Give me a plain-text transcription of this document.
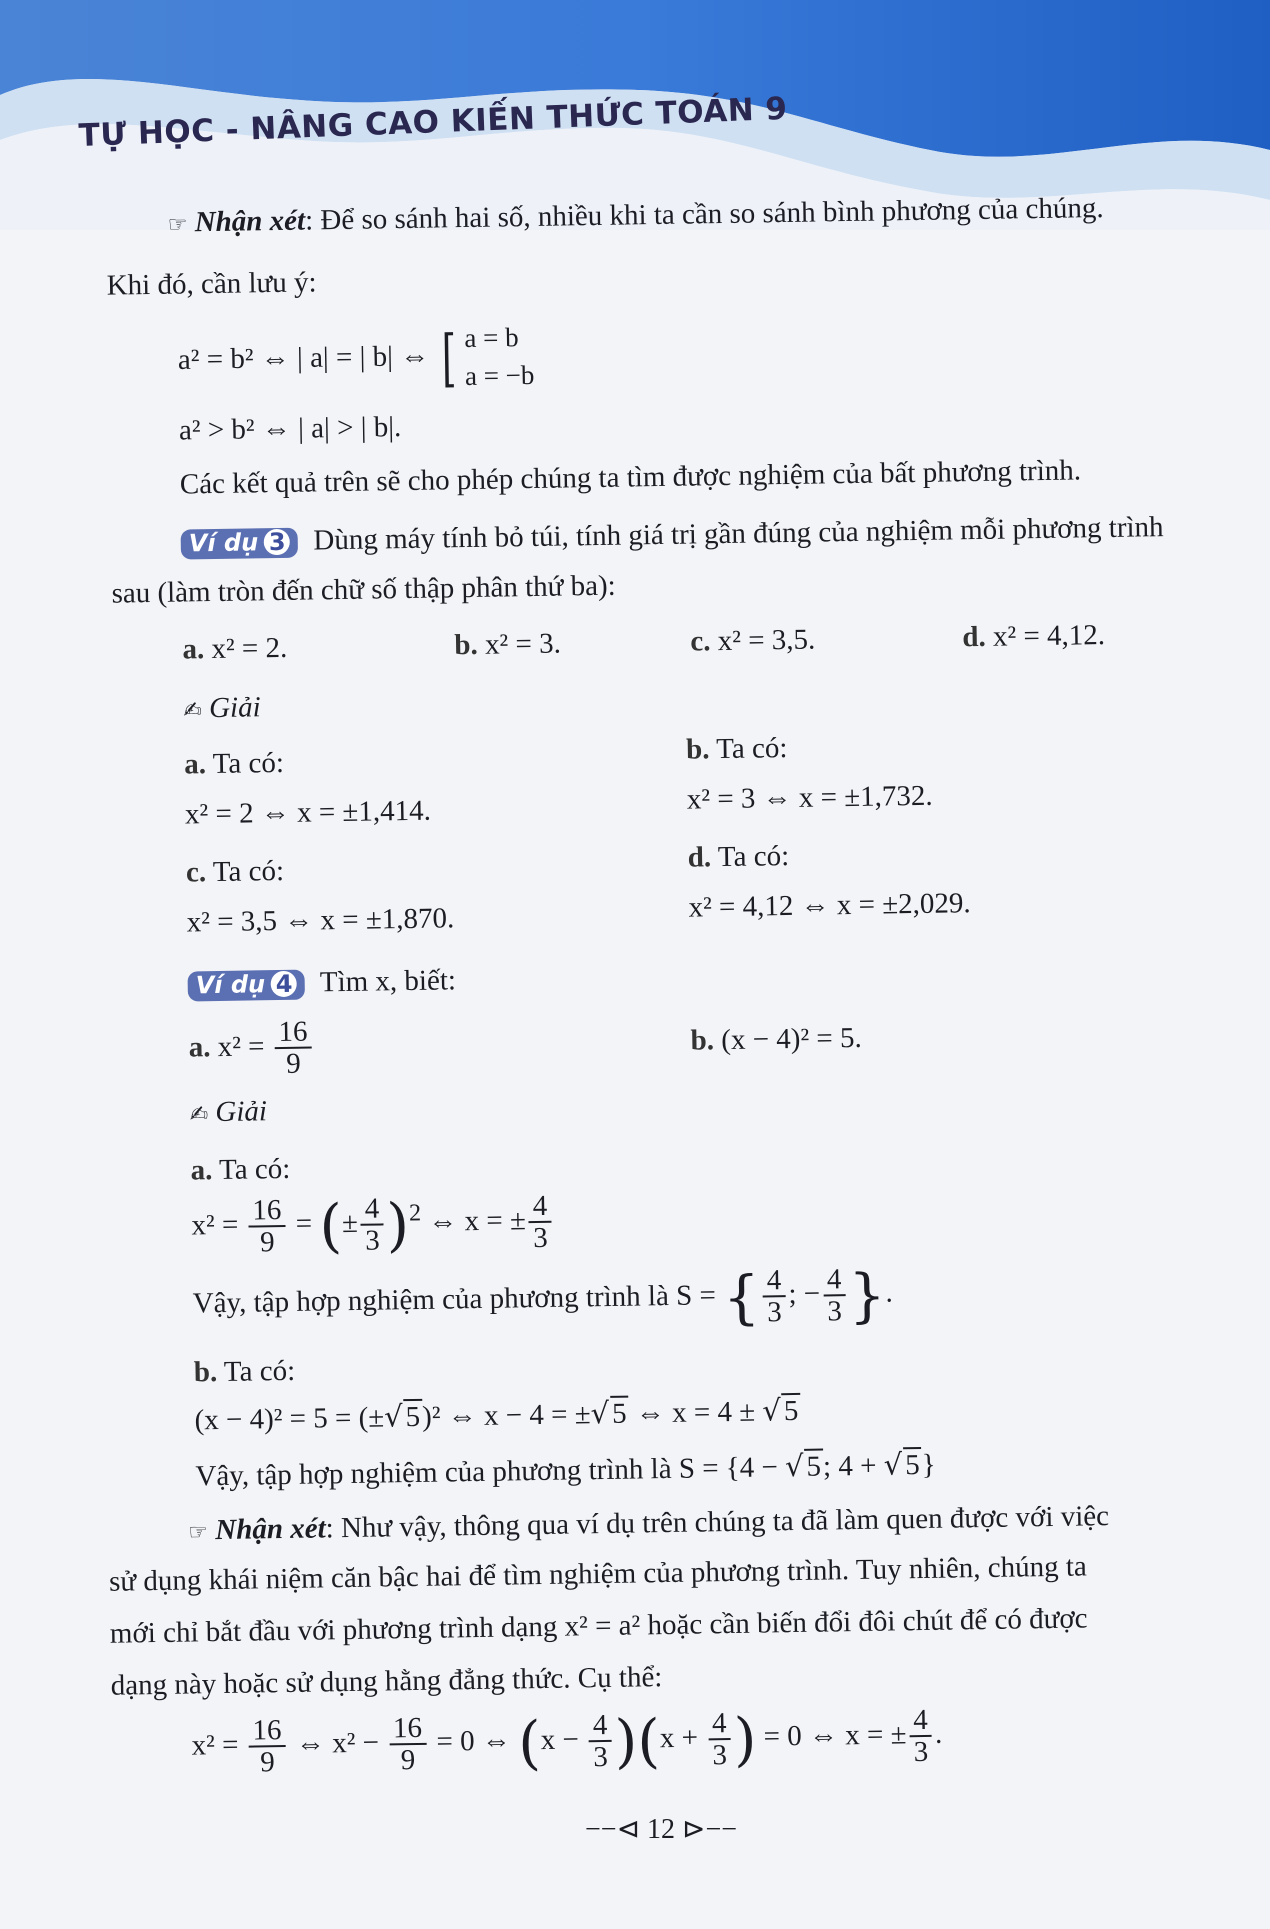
TỰ HỌC - NÂNG CAO KIẾN THỨC TOÁN 9
☞ Nhận xét: Để so sánh hai số, nhiều khi ta cần so sánh bình phương của chúng.
Khi đó, cần lưu ý:
a² = b² ⇔ | a| = | b| ⇔ [ a = b
a = −b
a² > b² ⇔ | a| > | b|.
Các kết quả trên sẽ cho phép chúng ta tìm được nghiệm của bất phương trình.
Ví dụ 3 Dùng máy tính bỏ túi, tính giá trị gần đúng của nghiệm mỗi phương trình
sau (làm tròn đến chữ số thập phân thứ ba):
a. x² = 2.	b. x² = 3.	c. x² = 3,5.	d. x² = 4,12.
✍ Giải
a. Ta có:
x² = 2 ⇔ x = ±1,414.
b. Ta có:
x² = 3 ⇔ x = ±1,732.
c. Ta có:
x² = 3,5 ⇔ x = ±1,870.
d. Ta có:
x² = 4,12 ⇔ x = ±2,029.
Ví dụ 4 Tìm x, biết:
a. $x^2 = \frac{16}{9}$	b. (x − 4)² = 5.
✍ Giải
a. Ta có:
$x^2 = \frac{16}{9}$ = (± $\frac{4}{3} )^2$ ⇔ x = ± $\frac{4}{3}$
Vậy, tập hợp nghiệm của phương trình là S = { $\frac{4}{3}$ ; − $\frac{4}{3}$ }.
b. Ta có:
(x − 4)² = 5 = (±√5)² ⇔ x − 4 = ±√5 ⇔ x = 4 ± √5
Vậy, tập hợp nghiệm của phương trình là S = {4 − √5; 4 + √5}
☞ Nhận xét: Như vậy, thông qua ví dụ trên chúng ta đã làm quen được với việc
sử dụng khái niệm căn bậc hai để tìm nghiệm của phương trình. Tuy nhiên, chúng ta
mới chỉ bắt đầu với phương trình dạng x² = a² hoặc cần biến đổi đôi chút để có được
dạng này hoặc sử dụng hằng đẳng thức. Cụ thể:
$x^2 = \frac{16}{9}$ ⇔ $x^2 - \frac{16}{9} = 0$ ⇔ $(x - \frac{4}{3} )(x + \frac{4}{3}$ ) = 0 ⇔ x = ± $\frac{4}{3}$ .
−−⊲ 12 ⊳−−
